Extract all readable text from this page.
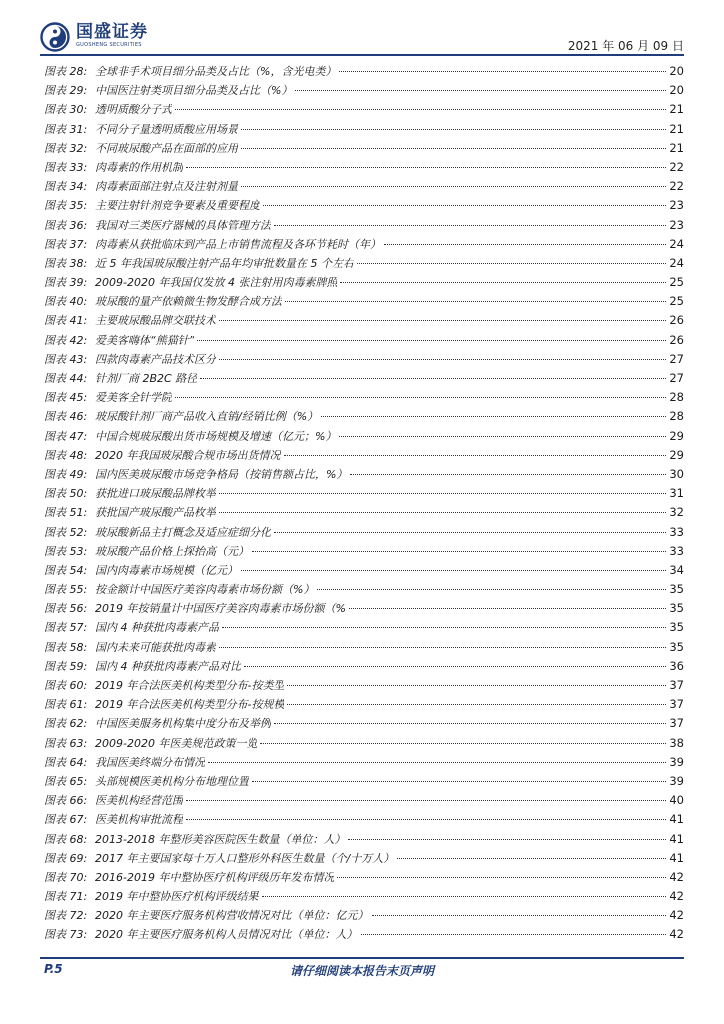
国盛证券
GUOSHENG SECURITIES	2021 年 06 月 09 日
图表 28: 全球非手术项目细分品类及占比（%，含光电类）	20
图表 29: 中国医注射类项目细分品类及占比（%）	20
图表 30: 透明质酸分子式	21
图表 31: 不同分子量透明质酸应用场景	21
图表 32: 不同玻尿酸产品在面部的应用	21
图表 33: 肉毒素的作用机制	22
图表 34: 肉毒素面部注射点及注射剂量	22
图表 35: 主要注射针剂竞争要素及重要程度	23
图表 36: 我国对三类医疗器械的具体管理方法	23
图表 37: 肉毒素从获批临床到产品上市销售流程及各环节耗时（年）	24
图表 38: 近 5 年我国玻尿酸注射产品年均审批数量在 5 个左右	24
图表 39: 2009-2020 年我国仅发放 4 张注射用肉毒素牌照	25
图表 40: 玻尿酸的量产依赖微生物发酵合成方法	25
图表 41: 主要玻尿酸品牌交联技术	26
图表 42: 爱美客嗨体“熊猫针”	26
图表 43: 四款肉毒素产品技术区分	27
图表 44: 针剂厂商 2B2C 路径	27
图表 45: 爱美客全针学院	28
图表 46: 玻尿酸针剂厂商产品收入直销/经销比例（%）	28
图表 47: 中国合规玻尿酸出货市场规模及增速（亿元；%）	29
图表 48: 2020 年我国玻尿酸合规市场出货情况	29
图表 49: 国内医美玻尿酸市场竞争格局（按销售额占比，%）	30
图表 50: 获批进口玻尿酸品牌枚举	31
图表 51: 获批国产玻尿酸产品枚举	32
图表 52: 玻尿酸新品主打概念及适应症细分化	33
图表 53: 玻尿酸产品价格上探抬高（元）	33
图表 54: 国内肉毒素市场规模（亿元）	34
图表 55: 按金额计中国医疗美容肉毒素市场份额（%）	35
图表 56: 2019 年按销量计中国医疗美容肉毒素市场份额（%	35
图表 57: 国内 4 种获批肉毒素产品	35
图表 58: 国内未来可能获批肉毒素	35
图表 59: 国内 4 种获批肉毒素产品对比	36
图表 60: 2019 年合法医美机构类型分布-按类型	37
图表 61: 2019 年合法医美机构类型分布-按规模	37
图表 62: 中国医美服务机构集中度分布及举例	37
图表 63: 2009-2020 年医美规范政策一览	38
图表 64: 我国医美终端分布情况	39
图表 65: 头部规模医美机构分布地理位置	39
图表 66: 医美机构经营范围	40
图表 67: 医美机构审批流程	41
图表 68: 2013-2018 年整形美容医院医生数量（单位：人）	41
图表 69: 2017 年主要国家每十万人口整形外科医生数量（个/十万人）	41
图表 70: 2016-2019 年中整协医疗机构评级历年发布情况	42
图表 71: 2019 年中整协医疗机构评级结果	42
图表 72: 2020 年主要医疗服务机构营收情况对比（单位：亿元）	42
图表 73: 2020 年主要医疗服务机构人员情况对比（单位：人）	42
P.5	请仔细阅读本报告末页声明
